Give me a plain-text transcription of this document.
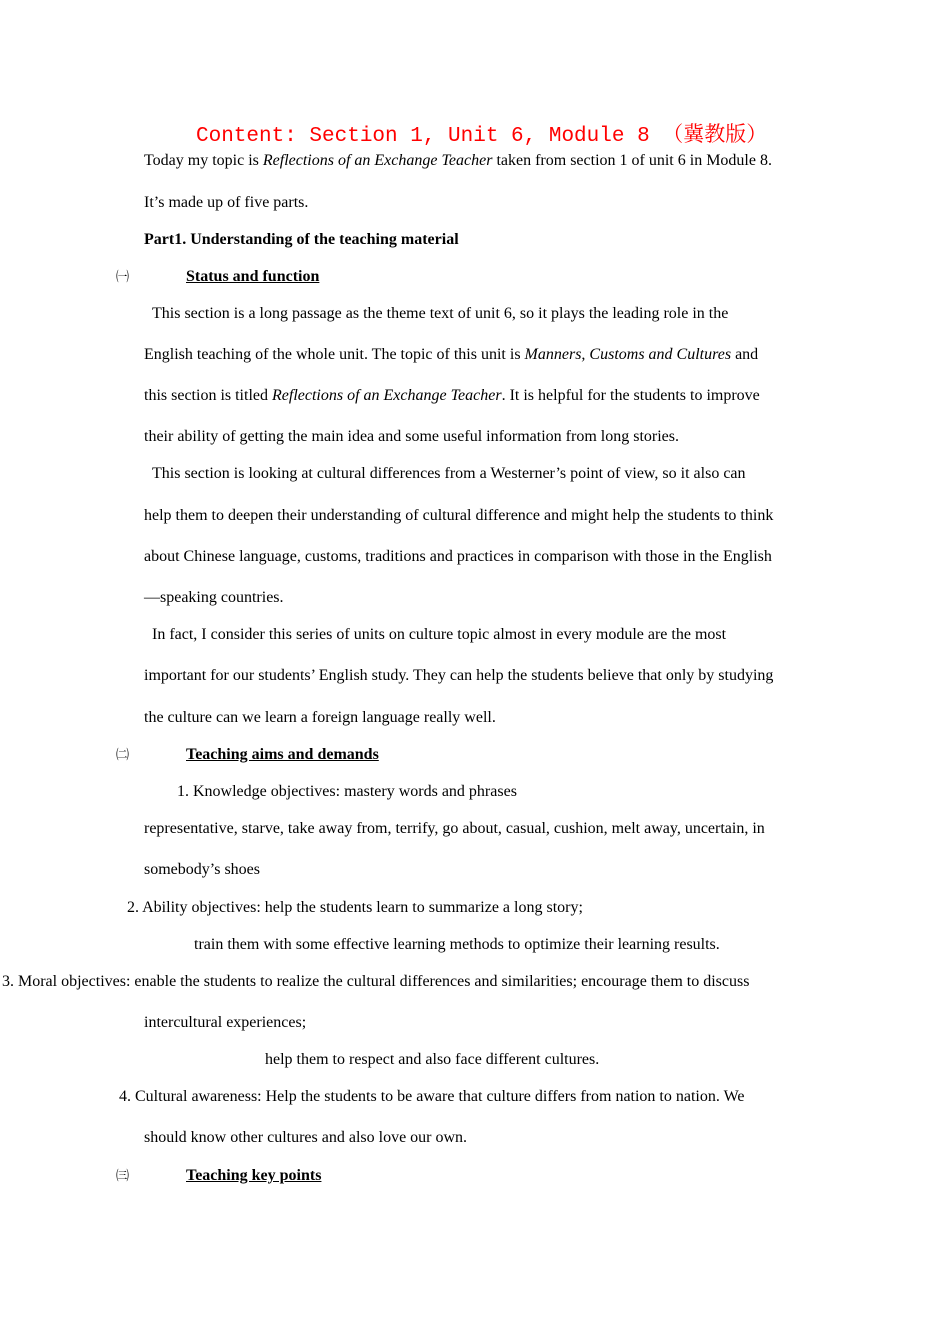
Content: Section 1, Unit 6, Module 8 （冀教版）
Today my topic is Reflections of an Exchange Teacher taken from section 1 of unit 6 in Module 8.
It’s made up of five parts.
Part1. Understanding of the teaching material
㈠	Status and function
This section is a long passage as the theme text of unit 6, so it plays the leading role in the
English teaching of the whole unit. The topic of this unit is Manners, Customs and Cultures and
this section is titled Reflections of an Exchange Teacher. It is helpful for the students to improve
their ability of getting the main idea and some useful information from long stories.
This section is looking at cultural differences from a Westerner’s point of view, so it also can
help them to deepen their understanding of cultural difference and might help the students to think
about Chinese language, customs, traditions and practices in comparison with those in the English
—speaking countries.
In fact, I consider this series of units on culture topic almost in every module are the most
important for our students’ English study. They can help the students believe that only by studying
the culture can we learn a foreign language really well.
㈡	Teaching aims and demands
1. Knowledge objectives: mastery words and phrases
representative, starve, take away from, terrify, go about, casual, cushion, melt away, uncertain, in
somebody’s shoes
2. Ability objectives: help the students learn to summarize a long story;
train them with some effective learning methods to optimize their learning results.
3. Moral objectives: enable the students to realize the cultural differences and similarities; encourage them to discuss
intercultural experiences;
help them to respect and also face different cultures.
4. Cultural awareness: Help the students to be aware that culture differs from nation to nation. We
should know other cultures and also love our own.
㈢	Teaching key points
